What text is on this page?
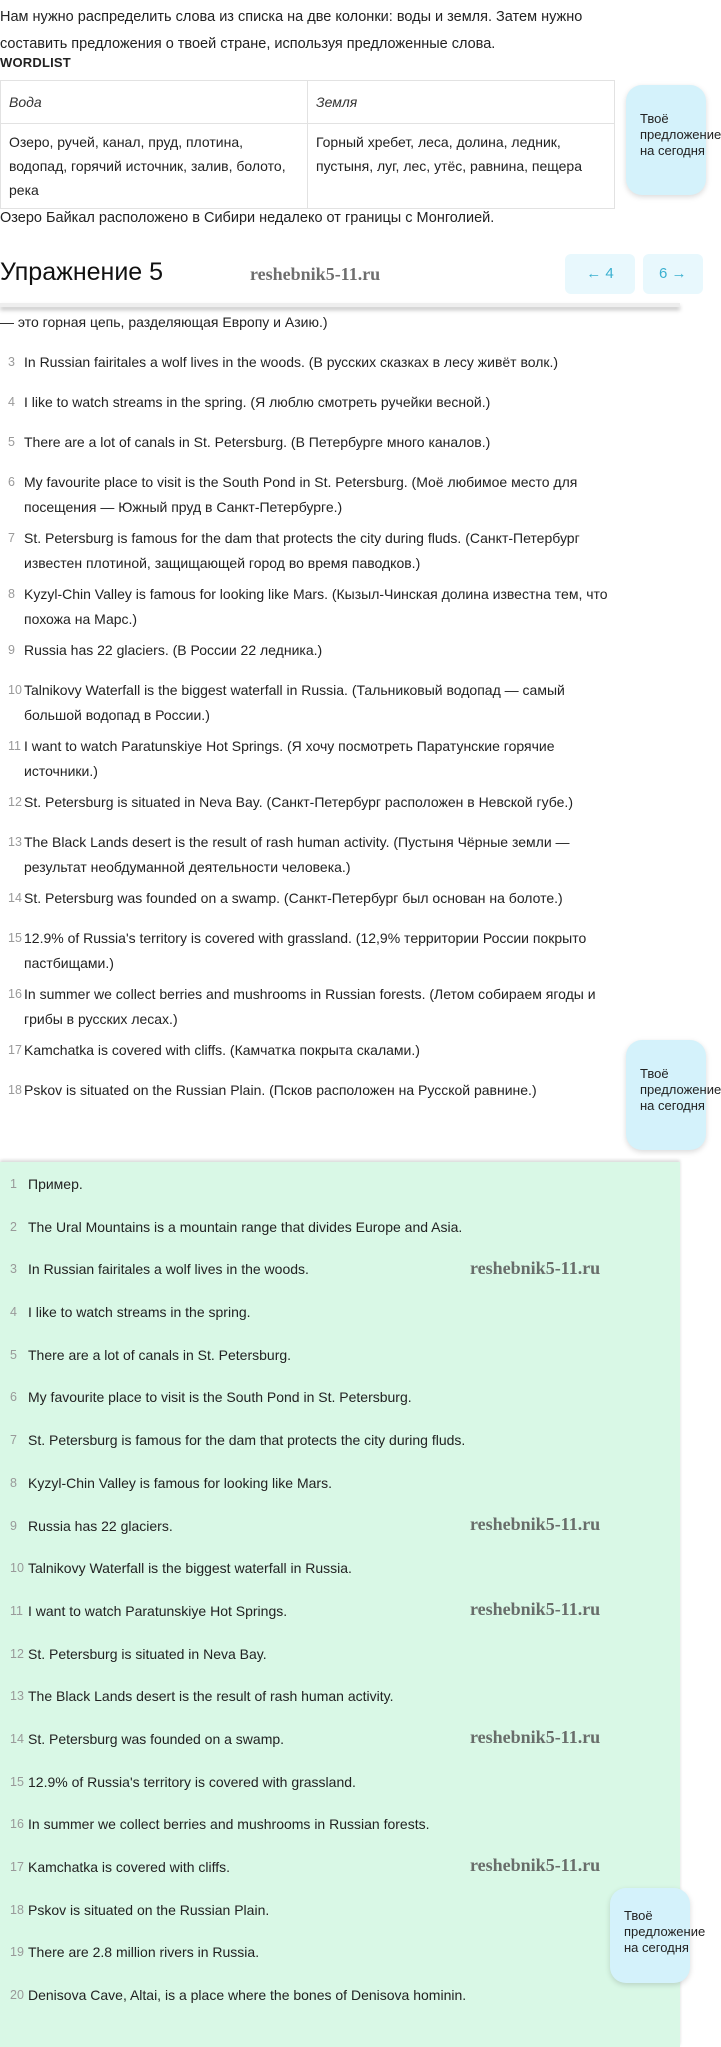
Нам нужно распределить слова из списка на две колонки: воды и земля. Затем нужно составить предложения о твоей стране, используя предложенные слова.

WORDLIST
Вода	Земля
Озеро, ручей, канал, пруд, плотина, водопад, горячий источник, залив, болото, река	Горный хребет, леса, долина, ледник, пустыня, луг, лес, утёс, равнина, пещера
Озеро Байкал расположено в Сибири недалеко от границы с Монголией.
Упражнение 5	← 4	6 →
— это горная цепь, разделяющая Европу и Азию.)
3 In Russian fairitales a wolf lives in the woods. (В русских сказках в лесу живёт волк.)
4 I like to watch streams in the spring. (Я люблю смотреть ручейки весной.)
5 There are a lot of canals in St. Petersburg. (В Петербурге много каналов.)
6 My favourite place to visit is the South Pond in St. Petersburg. (Моё любимое место для посещения — Южный пруд в Санкт-Петербурге.)
7 St. Petersburg is famous for the dam that protects the city during fluds. (Санкт-Петербург известен плотиной, защищающей город во время паводков.)
8 Kyzyl-Chin Valley is famous for looking like Mars. (Кызыл-Чинская долина известна тем, что похожа на Марс.)
9 Russia has 22 glaciers. (В России 22 ледника.)
10 Talnikovy Waterfall is the biggest waterfall in Russia. (Тальниковый водопад — самый большой водопад в России.)
11 I want to watch Paratunskiye Hot Springs. (Я хочу посмотреть Паратунские горячие источники.)
12 St. Petersburg is situated in Neva Bay. (Санкт-Петербург расположен в Невской губе.)
13 The Black Lands desert is the result of rash human activity. (Пустыня Чёрные земли — результат необдуманной деятельности человека.)
14 St. Petersburg was founded on a swamp. (Санкт-Петербург был основан на болоте.)
15 12.9% of Russia's territory is covered with grassland. (12,9% территории России покрыто пастбищами.)
16 In summer we collect berries and mushrooms in Russian forests. (Летом собираем ягоды и грибы в русских лесах.)
17 Kamchatka is covered with cliffs. (Камчатка покрыта скалами.)
18 Pskov is situated on the Russian Plain. (Псков расположен на Русской равнине.)
1 Пример.
2 The Ural Mountains is a mountain range that divides Europe and Asia.
3 In Russian fairitales a wolf lives in the woods.
4 I like to watch streams in the spring.
5 There are a lot of canals in St. Petersburg.
6 My favourite place to visit is the South Pond in St. Petersburg.
7 St. Petersburg is famous for the dam that protects the city during fluds.
8 Kyzyl-Chin Valley is famous for looking like Mars.
9 Russia has 22 glaciers.
10 Talnikovy Waterfall is the biggest waterfall in Russia.
11 I want to watch Paratunskiye Hot Springs.
12 St. Petersburg is situated in Neva Bay.
13 The Black Lands desert is the result of rash human activity.
14 St. Petersburg was founded on a swamp.
15 12.9% of Russia's territory is covered with grassland.
16 In summer we collect berries and mushrooms in Russian forests.
17 Kamchatka is covered with cliffs.
18 Pskov is situated on the Russian Plain.
19 There are 2.8 million rivers in Russia.
20 Denisova Cave, Altai, is a place where the bones of Denisova hominin.
Твоё
предложение
на сегодня
Твоё
предложение
на сегодня
Твоё
предложение
на сегодня
reshebnik5-11.ru
reshebnik5-11.ru
reshebnik5-11.ru
reshebnik5-11.ru
reshebnik5-11.ru
reshebnik5-11.ru
